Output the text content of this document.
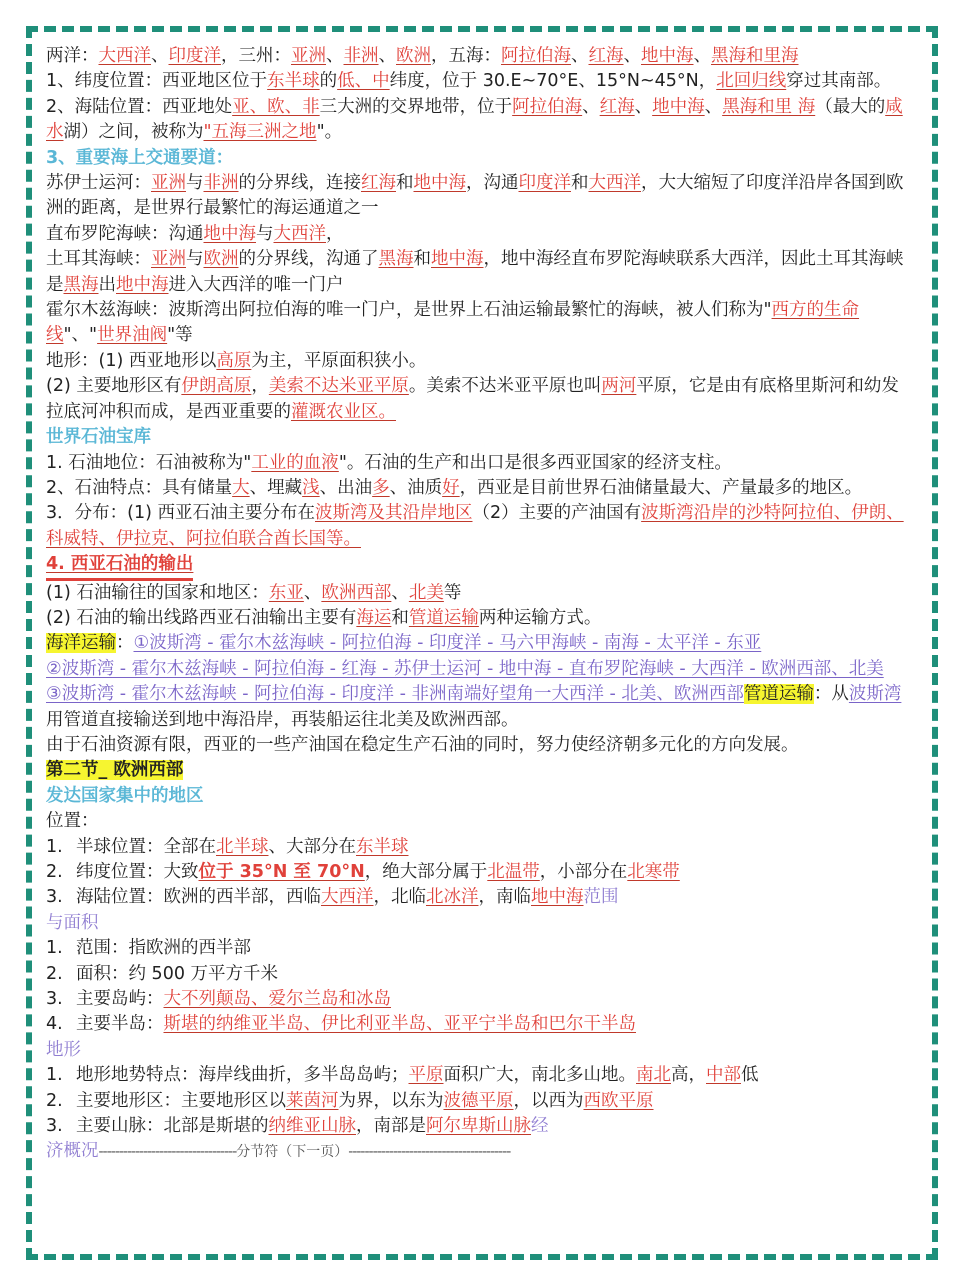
两洋：大西洋、印度洋，三州：亚洲、非洲、欧洲，五海：阿拉伯海、红海、地中海、黑海和里海

1、纬度位置：西亚地区位于东半球的低、中纬度，位于 30.E~70°E、15°N~45°N，北回归线穿过其南部。2、海陆位置：西亚地处亚、欧、非三大洲的交界地带，位于阿拉伯海、红海、地中海、黑海和里 海（最大的咸水湖）之间，被称为"五海三洲之地"。

3、重要海上交通要道：

苏伊士运河：亚洲与非洲的分界线，连接红海和地中海，沟通印度洋和大西洋，大大缩短了印度洋沿岸各国到欧洲的距离，是世界行最繁忙的海运通道之一

直布罗陀海峡：沟通地中海与大西洋，

土耳其海峡：亚洲与欧洲的分界线，沟通了黑海和地中海，地中海经直布罗陀海峡联系大西洋，因此土耳其海峡是黑海出地中海进入大西洋的唯一门户

霍尔木兹海峡：波斯湾出阿拉伯海的唯一门户，是世界上石油运输最繁忙的海峡，被人们称为"西方的生命线"、"世界油阀"等

地形：(1) 西亚地形以高原为主，平原面积狭小。

(2) 主要地形区有伊朗高原，美索不达米亚平原。美索不达米亚平原也叫两河平原，它是由有底格里斯河和幼发拉底河冲积而成，是西亚重要的灌溉农业区。

世界石油宝库

1. 石油地位：石油被称为"工业的血液"。石油的生产和出口是很多西亚国家的经济支柱。

2、石油特点：具有储量大、埋藏浅、出油多、油质好，西亚是目前世界石油储量最大、产量最多的地区。

3．分布：(1) 西亚石油主要分布在波斯湾及其沿岸地区（2）主要的产油国有波斯湾沿岸的沙特阿拉伯、伊朗、科威特、伊拉克、阿拉伯联合酋长国等。

4. 西亚石油的输出

(1) 石油输往的国家和地区：东亚、欧洲西部、北美等

(2) 石油的输出线路西亚石油输出主要有海运和管道运输两种运输方式。

海洋运输：①波斯湾 - 霍尔木兹海峡 - 阿拉伯海 - 印度洋 - 马六甲海峡 - 南海 - 太平洋 - 东亚

②波斯湾 - 霍尔木兹海峡 - 阿拉伯海 - 红海 - 苏伊士运河 - 地中海 - 直布罗陀海峡 - 大西洋 - 欧洲西部、北美

③波斯湾 - 霍尔木兹海峡 - 阿拉伯海 - 印度洋 - 非洲南端好望角一大西洋 - 北美、欧洲西部管道运输：从波斯湾用管道直接输送到地中海沿岸，再装船运往北美及欧洲西部。

由于石油资源有限，西亚的一些产油国在稳定生产石油的同时，努力使经济朝多元化的方向发展。

第二节_ 欧洲西部

发达国家集中的地区

位置：

1. 半球位置：全部在北半球、大部分在东半球
2. 纬度位置：大致位于 35°N 至 70°N，绝大部分属于北温带，小部分在北寒带
3. 海陆位置：欧洲的西半部，西临大西洋，北临北冰洋，南临地中海范围

与面积

1. 范围：指欧洲的西半部
2. 面积：约 500 万平方千米
3. 主要岛屿：大不列颠岛、爱尔兰岛和冰岛
4. 主要半岛：斯堪的纳维亚半岛、伊比利亚半岛、亚平宁半岛和巴尔干半岛

地形

1. 地形地势特点：海岸线曲折，多半岛岛屿；平原面积广大，南北多山地。南北高，中部低
2. 主要地形区：主要地形区以莱茵河为界，以东为波德平原，以西为西欧平原
3. 主要山脉：北部是斯堪的纳维亚山脉，南部是阿尔卑斯山脉经

济概况----------------------------------分节符（下一页）----------------------------------------
